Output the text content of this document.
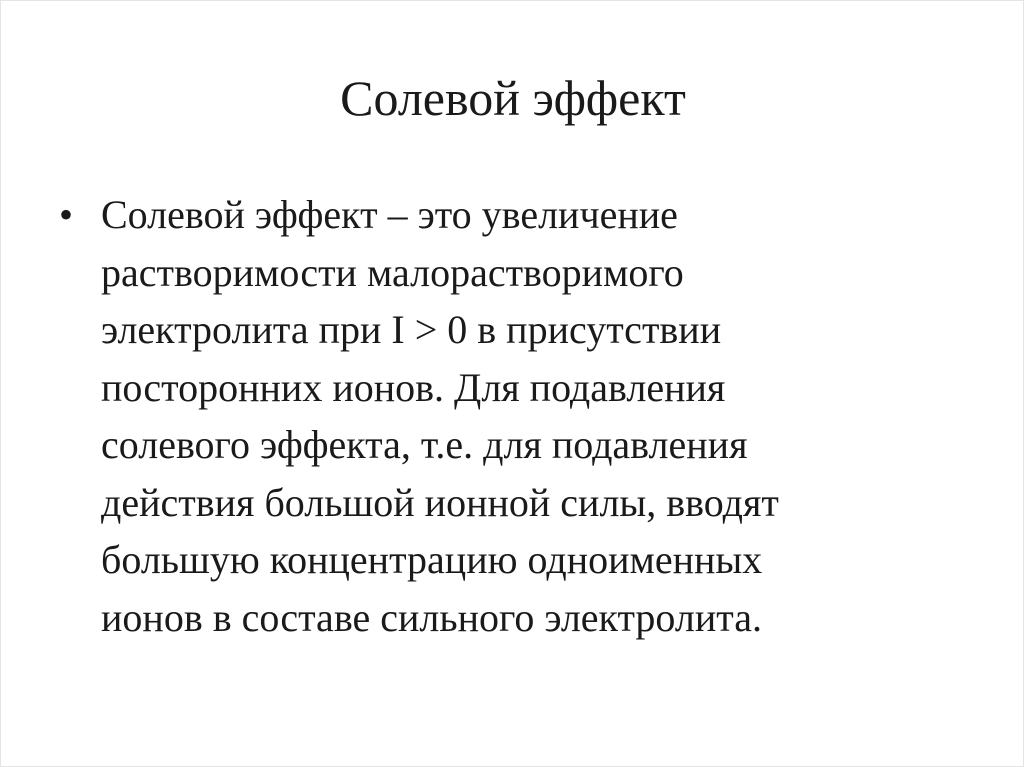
Солевой эффект
• Солевой эффект – это увеличение
растворимости малорастворимого
электролита при I > 0 в присутствии
посторонних ионов. Для подавления
солевого эффекта, т.е. для подавления
действия большой ионной силы, вводят
большую концентрацию одноименных
ионов в составе сильного электролита.
